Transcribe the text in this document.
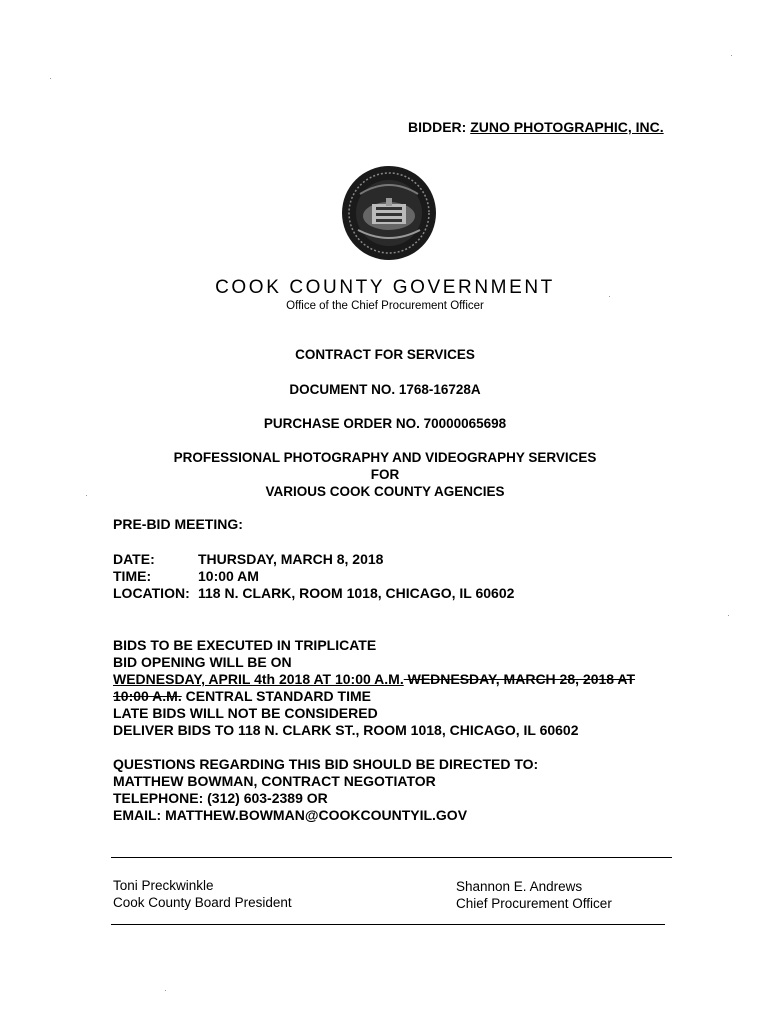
BIDDER: ZUNO PHOTOGRAPHIC, INC.
COOK COUNTY GOVERNMENT
Office of the Chief Procurement Officer
CONTRACT FOR SERVICES
DOCUMENT NO. 1768-16728A
PURCHASE ORDER NO. 70000065698
PROFESSIONAL PHOTOGRAPHY AND VIDEOGRAPHY SERVICES
FOR
VARIOUS COOK COUNTY AGENCIES
PRE-BID MEETING:
DATE:	THURSDAY, MARCH 8, 2018
TIME:	10:00 AM
LOCATION: 118 N. CLARK, ROOM 1018, CHICAGO, IL 60602
BIDS TO BE EXECUTED IN TRIPLICATE
BID OPENING WILL BE ON
WEDNESDAY, APRIL 4th 2018 AT 10:00 A.M. WEDNESDAY, MARCH 28, 2018 AT
10:00 A.M. CENTRAL STANDARD TIME
LATE BIDS WILL NOT BE CONSIDERED
DELIVER BIDS TO 118 N. CLARK ST., ROOM 1018, CHICAGO, IL 60602
QUESTIONS REGARDING THIS BID SHOULD BE DIRECTED TO:
MATTHEW BOWMAN, CONTRACT NEGOTIATOR
TELEPHONE: (312) 603-2389 OR
EMAIL: MATTHEW.BOWMAN@COOKCOUNTYIL.GOV
Toni Preckwinkle
Cook County Board President
Shannon E. Andrews
Chief Procurement Officer
